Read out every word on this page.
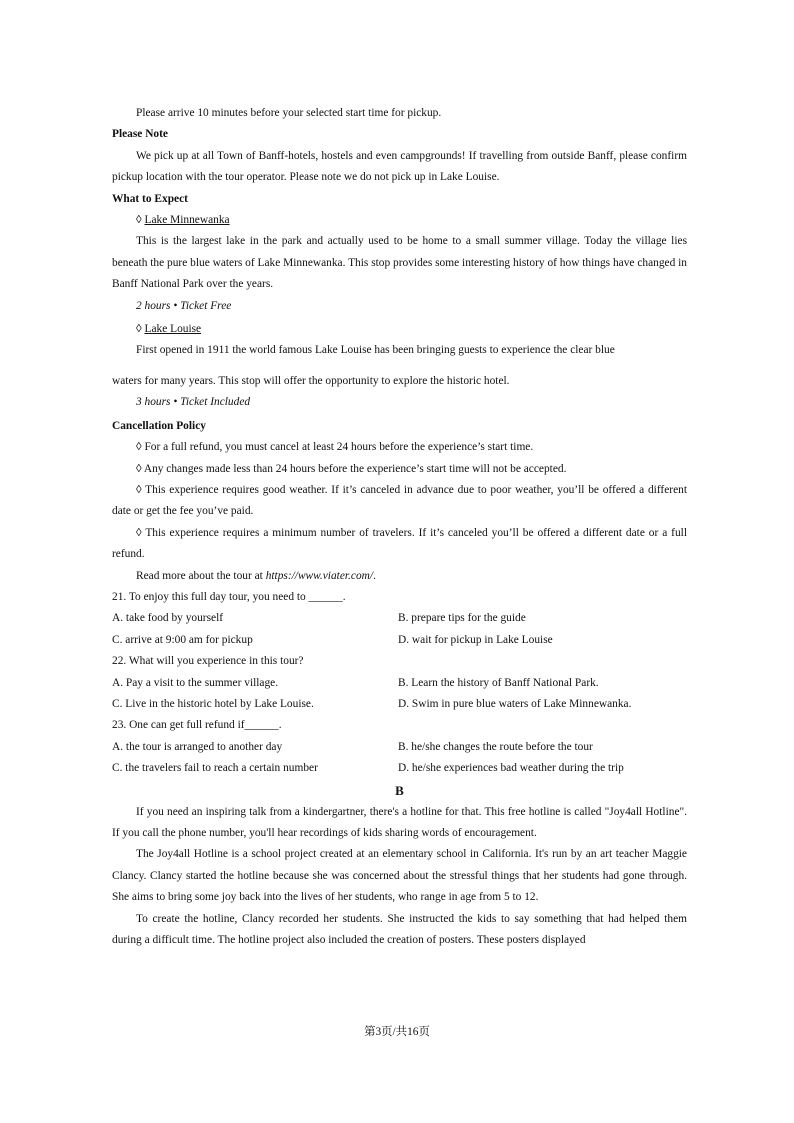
Please arrive 10 minutes before your selected start time for pickup.
Please Note
We pick up at all Town of Banff-hotels, hostels and even campgrounds! If travelling from outside Banff, please confirm pickup location with the tour operator. Please note we do not pick up in Lake Louise.
What to Expect
◊ Lake Minnewanka
This is the largest lake in the park and actually used to be home to a small summer village. Today the village lies beneath the pure blue waters of Lake Minnewanka. This stop provides some interesting history of how things have changed in Banff National Park over the years.
2 hours • Ticket Free
◊ Lake Louise
First opened in 1911 the world famous Lake Louise has been bringing guests to experience the clear blue
waters for many years. This stop will offer the opportunity to explore the historic hotel.
3 hours • Ticket Included
Cancellation Policy
◊ For a full refund, you must cancel at least 24 hours before the experience’s start time.
◊ Any changes made less than 24 hours before the experience’s start time will not be accepted.
◊ This experience requires good weather. If it’s canceled in advance due to poor weather, you’ll be offered a different date or get the fee you’ve paid.
◊ This experience requires a minimum number of travelers. If it’s canceled you’ll be offered a different date or a full refund.
Read more about the tour at https://www.viater.com/.
21. To enjoy this full day tour, you need to ______.
A. take food by yourself	B. prepare tips for the guide
C. arrive at 9:00 am for pickup	D. wait for pickup in Lake Louise
22. What will you experience in this tour?
A. Pay a visit to the summer village.	B. Learn the history of Banff National Park.
C. Live in the historic hotel by Lake Louise.	D. Swim in pure blue waters of Lake Minnewanka.
23. One can get full refund if______.
A. the tour is arranged to another day	B. he/she changes the route before the tour
C. the travelers fail to reach a certain number	D. he/she experiences bad weather during the trip
B
If you need an inspiring talk from a kindergartner, there's a hotline for that. This free hotline is called "Joy4all Hotline". If you call the phone number, you'll hear recordings of kids sharing words of encouragement.
The Joy4all Hotline is a school project created at an elementary school in California. It's run by an art teacher Maggie Clancy. Clancy started the hotline because she was concerned about the stressful things that her students had gone through. She aims to bring some joy back into the lives of her students, who range in age from 5 to 12.
To create the hotline, Clancy recorded her students. She instructed the kids to say something that had helped them during a difficult time. The hotline project also included the creation of posters. These posters displayed
第3页/共16页
